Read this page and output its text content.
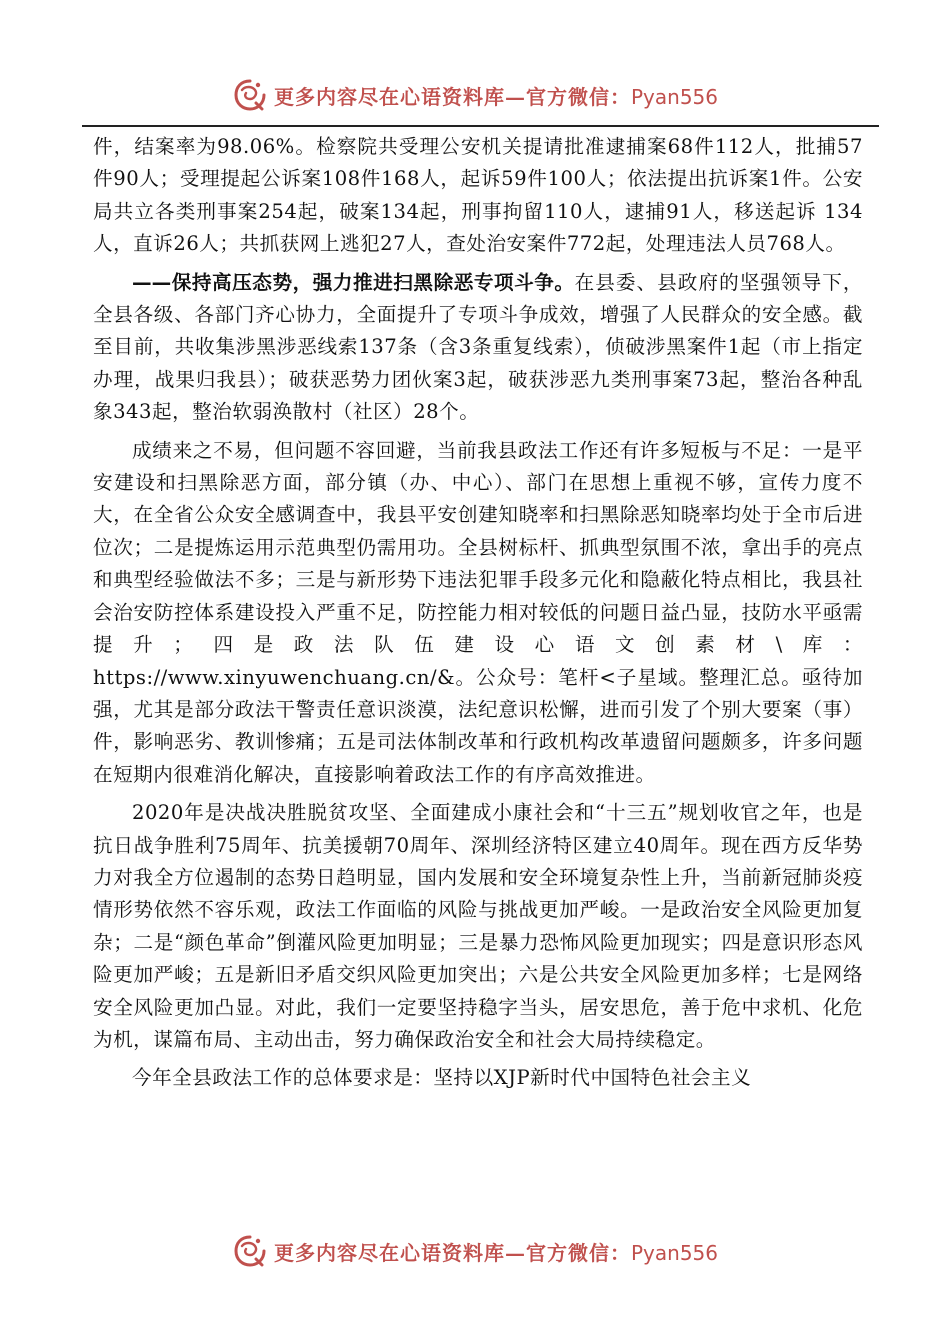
更多内容尽在心语资料库—官方微信：Pyan556

件，结案率为98.06%。检察院共受理公安机关提请批准逮捕案68件112人，批捕57件90人；受理提起公诉案108件168人，起诉59件100人；依法提出抗诉案1件。公安局共立各类刑事案254起，破案134起，刑事拘留110人，逮捕91人，移送起诉 134人，直诉26人；共抓获网上逃犯27人，查处治安案件772起，处理违法人员768人。

——保持高压态势，强力推进扫黑除恶专项斗争。在县委、县政府的坚强领导下，全县各级、各部门齐心协力，全面提升了专项斗争成效，增强了人民群众的安全感。截至目前，共收集涉黑涉恶线索137条（含3条重复线索），侦破涉黑案件1起（市上指定办理，战果归我县）；破获恶势力团伙案3起，破获涉恶九类刑事案73起，整治各种乱象343起，整治软弱涣散村（社区）28个。

成绩来之不易，但问题不容回避，当前我县政法工作还有许多短板与不足：一是平安建设和扫黑除恶方面，部分镇（办、中心）、部门在思想上重视不够，宣传力度不大，在全省公众安全感调查中，我县平安创建知晓率和扫黑除恶知晓率均处于全市后进位次；二是提炼运用示范典型仍需用功。全县树标杆、抓典型氛围不浓，拿出手的亮点和典型经验做法不多；三是与新形势下违法犯罪手段多元化和隐蔽化特点相比，我县社会治安防控体系建设投入严重不足，防控能力相对较低的问题日益凸显，技防水平亟需提升；四是政法队伍建设心语文创素材\库：https://www.xinyuwenchuang.cn/&。公众号：笔杆<子星域。整理汇总。亟待加强，尤其是部分政法干警责任意识淡漠，法纪意识松懈，进而引发了个别大要案（事）件，影响恶劣、教训惨痛；五是司法体制改革和行政机构改革遗留问题颇多，许多问题在短期内很难消化解决，直接影响着政法工作的有序高效推进。

2020年是决战决胜脱贫攻坚、全面建成小康社会和“十三五”规划收官之年，也是抗日战争胜利75周年、抗美援朝70周年、深圳经济特区建立40周年。现在西方反华势力对我全方位遏制的态势日趋明显，国内发展和安全环境复杂性上升，当前新冠肺炎疫情形势依然不容乐观，政法工作面临的风险与挑战更加严峻。一是政治安全风险更加复杂；二是“颜色革命”倒灌风险更加明显；三是暴力恐怖风险更加现实；四是意识形态风险更加严峻；五是新旧矛盾交织风险更加突出；六是公共安全风险更加多样；七是网络安全风险更加凸显。对此，我们一定要坚持稳字当头，居安思危，善于危中求机、化危为机，谋篇布局、主动出击，努力确保政治安全和社会大局持续稳定。

今年全县政法工作的总体要求是：坚持以XJP新时代中国特色社会主义

更多内容尽在心语资料库—官方微信：Pyan556
